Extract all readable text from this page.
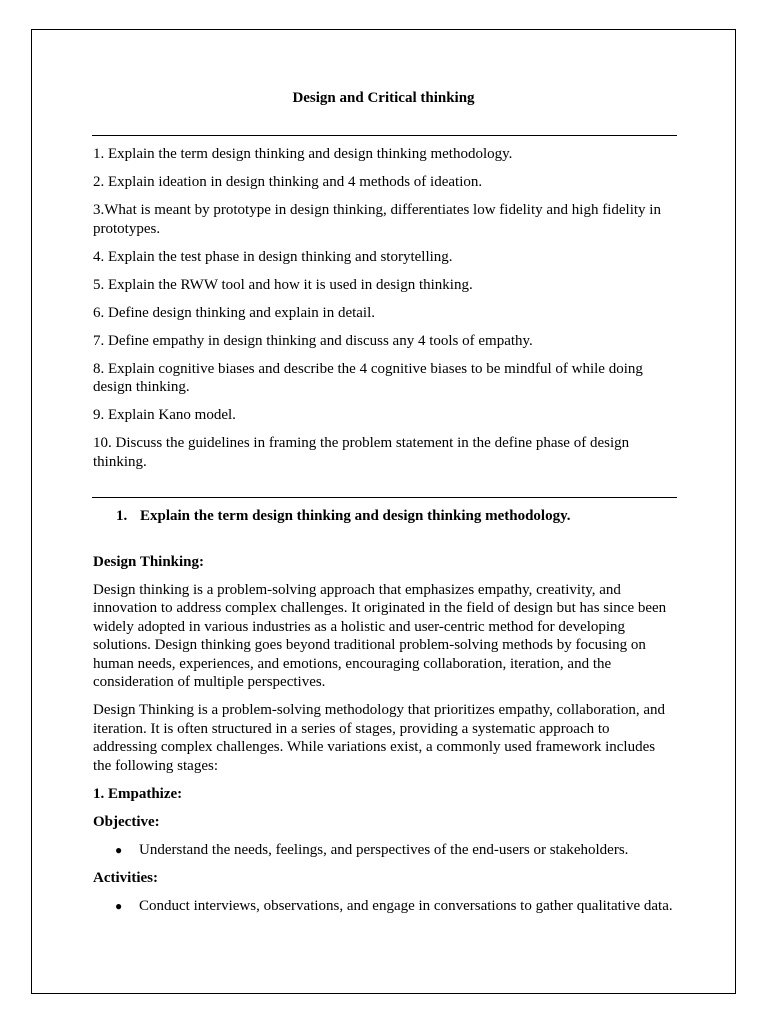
Design and Critical thinking
1. Explain the term design thinking and design thinking methodology.
2. Explain ideation in design thinking and 4 methods of ideation.
3.What is meant by prototype in design thinking, differentiates low fidelity and high fidelity in prototypes.
4. Explain the test phase in design thinking and storytelling.
5. Explain the RWW tool and how it is used in design thinking.
6. Define design thinking and explain in detail.
7. Define empathy in design thinking and discuss any 4 tools of empathy.
8. Explain cognitive biases and describe the 4 cognitive biases to be mindful of while doing design thinking.
9. Explain Kano model.
10. Discuss the guidelines in framing the problem statement in the define phase of design thinking.
1. Explain the term design thinking and design thinking methodology.
Design Thinking:

Design thinking is a problem-solving approach that emphasizes empathy, creativity, and innovation to address complex challenges. It originated in the field of design but has since been widely adopted in various industries as a holistic and user-centric method for developing solutions. Design thinking goes beyond traditional problem-solving methods by focusing on human needs, experiences, and emotions, encouraging collaboration, iteration, and the consideration of multiple perspectives.

Design Thinking is a problem-solving methodology that prioritizes empathy, collaboration, and iteration. It is often structured in a series of stages, providing a systematic approach to addressing complex challenges. While variations exist, a commonly used framework includes the following stages:

1. Empathize:
Objective:
● Understand the needs, feelings, and perspectives of the end-users or stakeholders.
Activities:
● Conduct interviews, observations, and engage in conversations to gather qualitative data.
